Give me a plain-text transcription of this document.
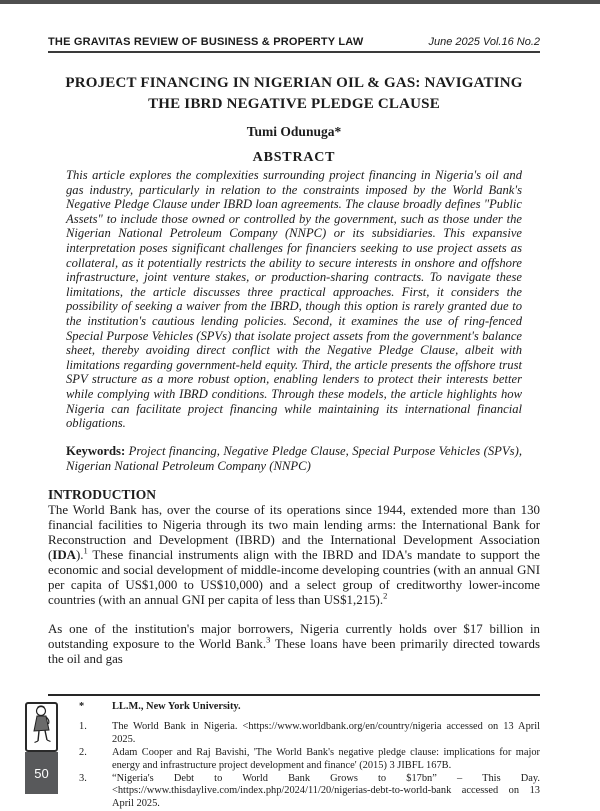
THE GRAVITAS REVIEW OF BUSINESS & PROPERTY LAW	June 2025 Vol.16 No.2
PROJECT FINANCING IN NIGERIAN OIL & GAS: NAVIGATING THE IBRD NEGATIVE PLEDGE CLAUSE
Tumi Odunuga*
ABSTRACT
This article explores the complexities surrounding project financing in Nigeria's oil and gas industry, particularly in relation to the constraints imposed by the World Bank's Negative Pledge Clause under IBRD loan agreements. The clause broadly defines "Public Assets" to include those owned or controlled by the government, such as those under the Nigerian National Petroleum Company (NNPC) or its subsidiaries. This expansive interpretation poses significant challenges for financiers seeking to use project assets as collateral, as it potentially restricts the ability to secure interests in onshore and offshore infrastructure, joint venture stakes, or production-sharing contracts. To navigate these limitations, the article discusses three practical approaches. First, it considers the possibility of seeking a waiver from the IBRD, though this option is rarely granted due to the institution's cautious lending policies. Second, it examines the use of ring-fenced Special Purpose Vehicles (SPVs) that isolate project assets from the government's balance sheet, thereby avoiding direct conflict with the Negative Pledge Clause, albeit with limitations regarding government-held equity. Third, the article presents the offshore trust SPV structure as a more robust option, enabling lenders to protect their interests better while complying with IBRD conditions. Through these models, the article highlights how Nigeria can facilitate project financing while maintaining its international financial obligations.
Keywords: Project financing, Negative Pledge Clause, Special Purpose Vehicles (SPVs), Nigerian National Petroleum Company (NNPC)
INTRODUCTION
The World Bank has, over the course of its operations since 1944, extended more than 130 financial facilities to Nigeria through its two main lending arms: the International Bank for Reconstruction and Development (IBRD) and the International Development Association (IDA).$^1$ These financial instruments align with the IBRD and IDA's mandate to support the economic and social development of middle-income developing countries (with an annual GNI per capita of US$1,000 to US$10,000) and a select group of creditworthy lower-income countries (with an annual GNI per capita of less than US$1,215).$^2$
As one of the institution's major borrowers, Nigeria currently holds over $17 billion in outstanding exposure to the World Bank.$^3$ These loans have been primarily directed towards the oil and gas
*	LL.M., New York University.
1.	The World Bank in Nigeria. <https://www.worldbank.org/en/country/nigeria accessed on 13 April 2025.
2.	Adam Cooper and Raj Bavishi, 'The World Bank's negative pledge clause: implications for major energy and infrastructure project development and finance' (2015) 3 JIBFL 167B.
3.	“Nigeria's Debt to World Bank Grows to $17bn” – This Day. <https://www.thisdaylive.com/index.php/2024/11/20/nigerias-debt-to-world-bank accessed on 13 April 2025.
50
